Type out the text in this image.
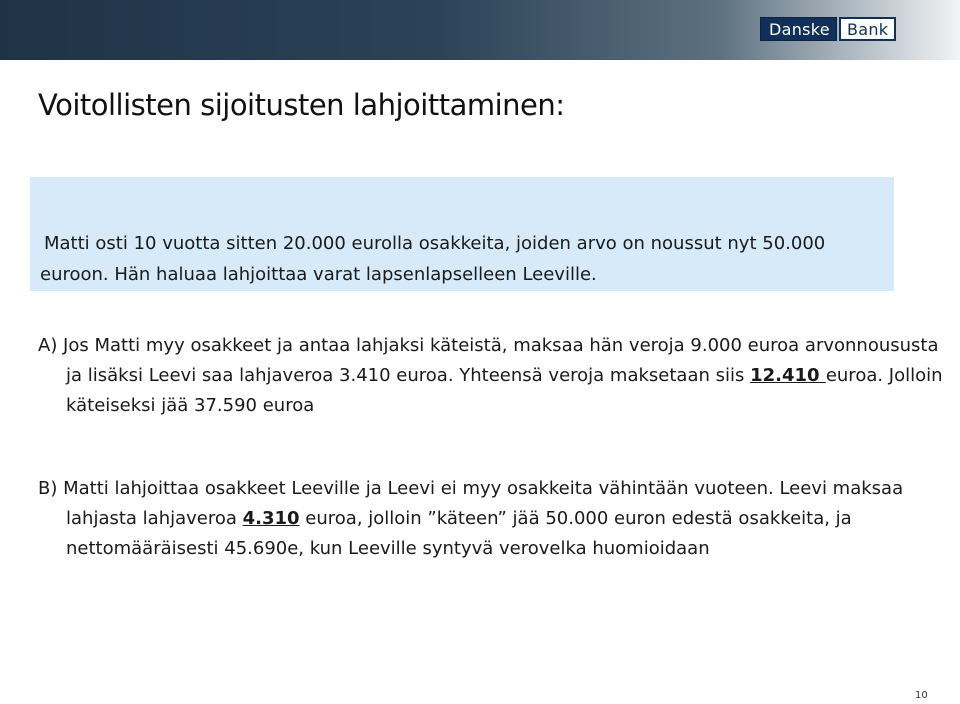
Danske	Bank
Voitollisten sijoitusten lahjoittaminen:

Matti osti 10 vuotta sitten 20.000 eurolla osakkeita, joiden arvo on noussut nyt 50.000 euroon. Hän haluaa lahjoittaa varat lapsenlapselleen Leeville.

A) Jos Matti myy osakkeet ja antaa lahjaksi käteistä, maksaa hän veroja 9.000 euroa arvonnoususta ja lisäksi Leevi saa lahjaveroa 3.410 euroa. Yhteensä veroja maksetaan siis 12.410 euroa. Jolloin käteiseksi jää 37.590 euroa

B) Matti lahjoittaa osakkeet Leeville ja Leevi ei myy osakkeita vähintään vuoteen. Leevi maksaa lahjasta lahjaveroa 4.310 euroa, jolloin ”käteen” jää 50.000 euron edestä osakkeita, ja nettomääräisesti 45.690e, kun Leeville syntyvä verovelka huomioidaan

10
